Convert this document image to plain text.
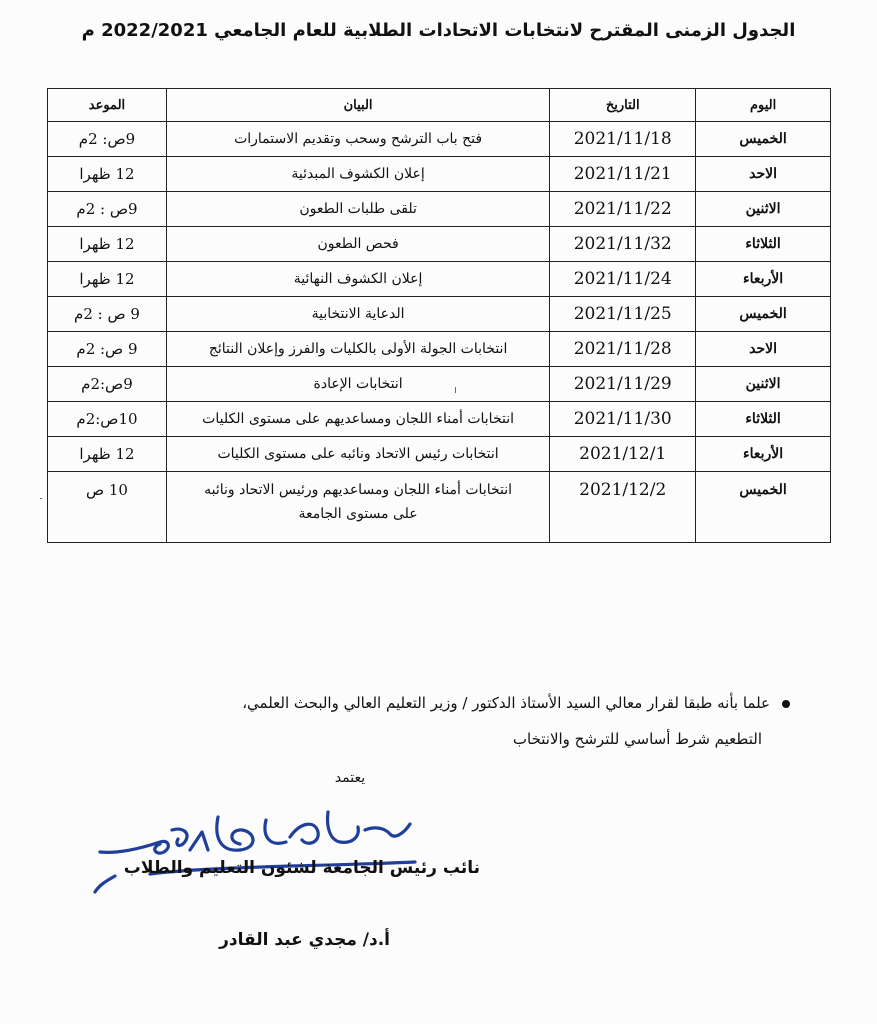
الجدول الزمنى المقترح لانتخابات الاتحادات الطلابية للعام الجامعي 2022/2021 م
اليوم	التاريخ	البيان	الموعد
الخميس	2021/11/18	فتح باب الترشح وسحب وتقديم الاستمارات	9ص: 2م
الاحد	2021/11/21	إعلان الكشوف المبدئية	12 ظهرا
الاثنين	2021/11/22	تلقى طلبات الطعون	9ص : 2م
الثلاثاء	2021/11/32	فحص الطعون	12 ظهرا
الأربعاء	2021/11/24	إعلان الكشوف النهائية	12 ظهرا
الخميس	2021/11/25	الدعاية الانتخابية	9 ص : 2م
الاحد	2021/11/28	انتخابات الجولة الأولى بالكليات والفرز وإعلان النتائج	9 ص: 2م
الاثنين	2021/11/29	انتخابات الإعادة	9ص:2م
الثلاثاء	2021/11/30	انتخابات أمناء اللجان ومساعديهم على مستوى الكليات	10ص:2م
الأربعاء	2021/12/1	انتخابات رئيس الاتحاد ونائبه على مستوى الكليات	12 ظهرا
الخميس	2021/12/2	انتخابات أمناء اللجان ومساعديهم ورئيس الاتحاد ونائبه
على مستوى الجامعة	10 ص
علما بأنه طبقا لقرار معالي السيد الأستاذ الدكتور / وزير التعليم العالي والبحث العلمي،
التطعيم شرط أساسي للترشح والانتخاب
يعتمد
نائب رئيس الجامعة لشئون التعليم والطلاب
أ.د/ مجدي عبد القادر
